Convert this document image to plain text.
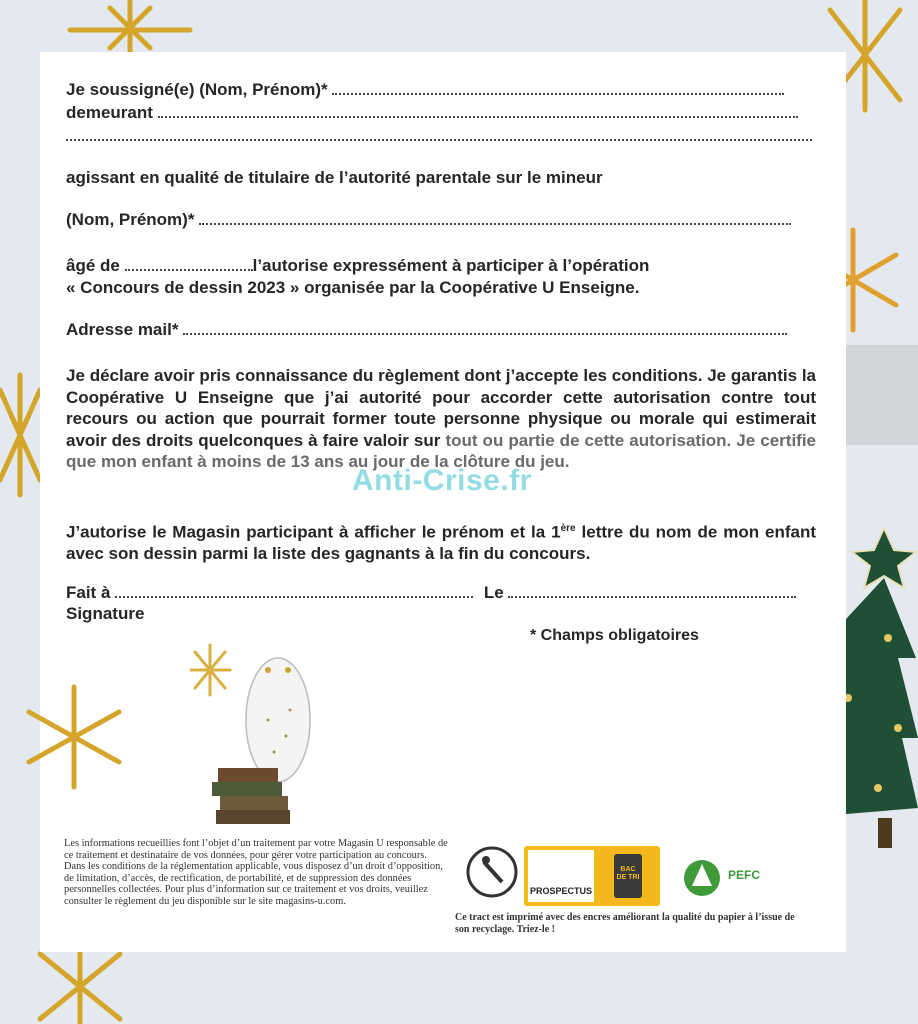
Je soussigné(e) (Nom, Prénom)*
demeurant
agissant en qualité de titulaire de l’autorité parentale sur le mineur
(Nom, Prénom)*
âgé de	l’autorise expressément à participer à l’opération
« Concours de dessin 2023 » organisée par la Coopérative U Enseigne.
Adresse mail*
Je déclare avoir pris connaissance du règlement dont j’accepte les conditions. Je garantis la Coopérative U Enseigne que j’ai autorité pour accorder cette autorisation contre tout recours ou action que pourrait former toute personne physique ou morale qui estimerait avoir des droits quelconques à faire valoir sur tout ou partie de cette autorisation. Je certifie que mon enfant à moins de 13 ans au jour de la clôture du jeu.
Anti-Crise.fr
J’autorise le Magasin participant à afficher le prénom et la 1ère lettre du nom de mon enfant avec son dessin parmi la liste des gagnants à la fin du concours.
Fait à	Le
Signature
* Champs obligatoires
Les informations recueillies font l’objet d’un traitement par votre Magasin U responsable de ce traitement et destinataire de vos données, pour gérer votre participation au concours. Dans les conditions de la réglementation applicable, vous disposez d’un droit d’opposition, de limitation, d’accès, de rectification, de portabilité, et de suppression des données personnelles collectées. Pour plus d’information sur ce traitement et vos droits, veuillez consulter le règlement du jeu disponible sur le site magasins-u.com.
PROSPECTUS
BAC DE TRI	PEFC
Ce tract est imprimé avec des encres améliorant la qualité du papier à l’issue de son recyclage. Triez-le !
